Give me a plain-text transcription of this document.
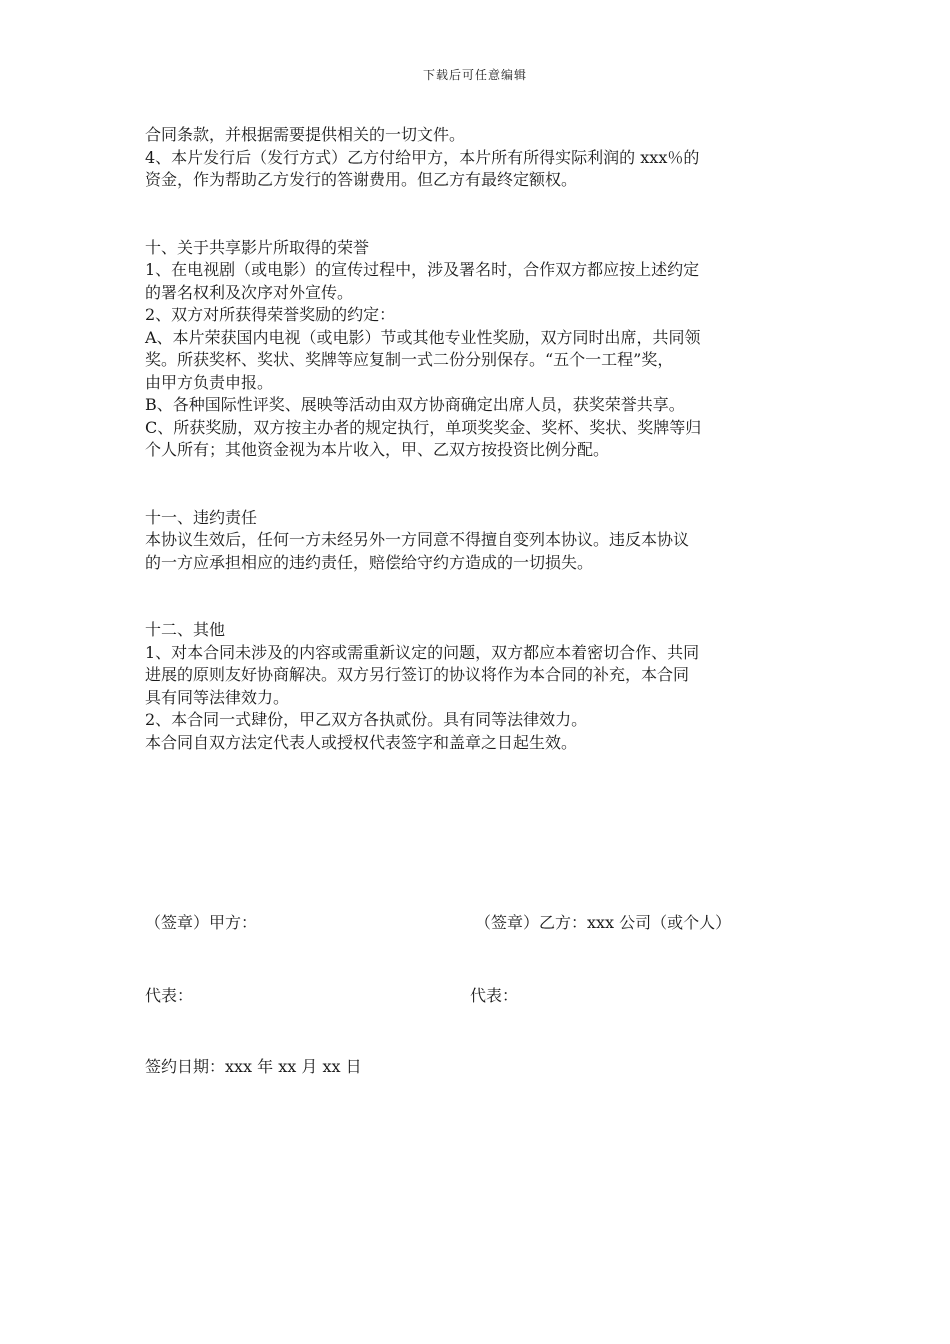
下载后可任意编辑
合同条款，并根据需要提供相关的一切文件。
4、本片发行后（发行方式）乙方付给甲方，本片所有所得实际利润的 xxx％的
资金，作为帮助乙方发行的答谢费用。但乙方有最终定额权。
十、关于共享影片所取得的荣誉
1、在电视剧（或电影）的宣传过程中，涉及署名时，合作双方都应按上述约定
的署名权利及次序对外宣传。
2、双方对所获得荣誉奖励的约定：
A、本片荣获国内电视（或电影）节或其他专业性奖励，双方同时出席，共同领
奖。所获奖杯、奖状、奖牌等应复制一式二份分别保存。“五个一工程”奖，
由甲方负责申报。
B、各种国际性评奖、展映等活动由双方协商确定出席人员，获奖荣誉共享。
C、所获奖励，双方按主办者的规定执行，单项奖奖金、奖杯、奖状、奖牌等归
个人所有；其他资金视为本片收入，甲、乙双方按投资比例分配。
十一、违约责任
本协议生效后，任何一方未经另外一方同意不得擅自变列本协议。违反本协议
的一方应承担相应的违约责任，赔偿给守约方造成的一切损失。
十二、其他
1、对本合同未涉及的内容或需重新议定的问题，双方都应本着密切合作、共同
进展的原则友好协商解决。双方另行签订的协议将作为本合同的补充，本合同
具有同等法律效力。
2、本合同一式肆份，甲乙双方各执贰份。具有同等法律效力。
本合同自双方法定代表人或授权代表签字和盖章之日起生效。
（签章）甲方：	（签章）乙方：xxx 公司（或个人）
代表：	代表：
签约日期：xxx 年 xx 月 xx 日
